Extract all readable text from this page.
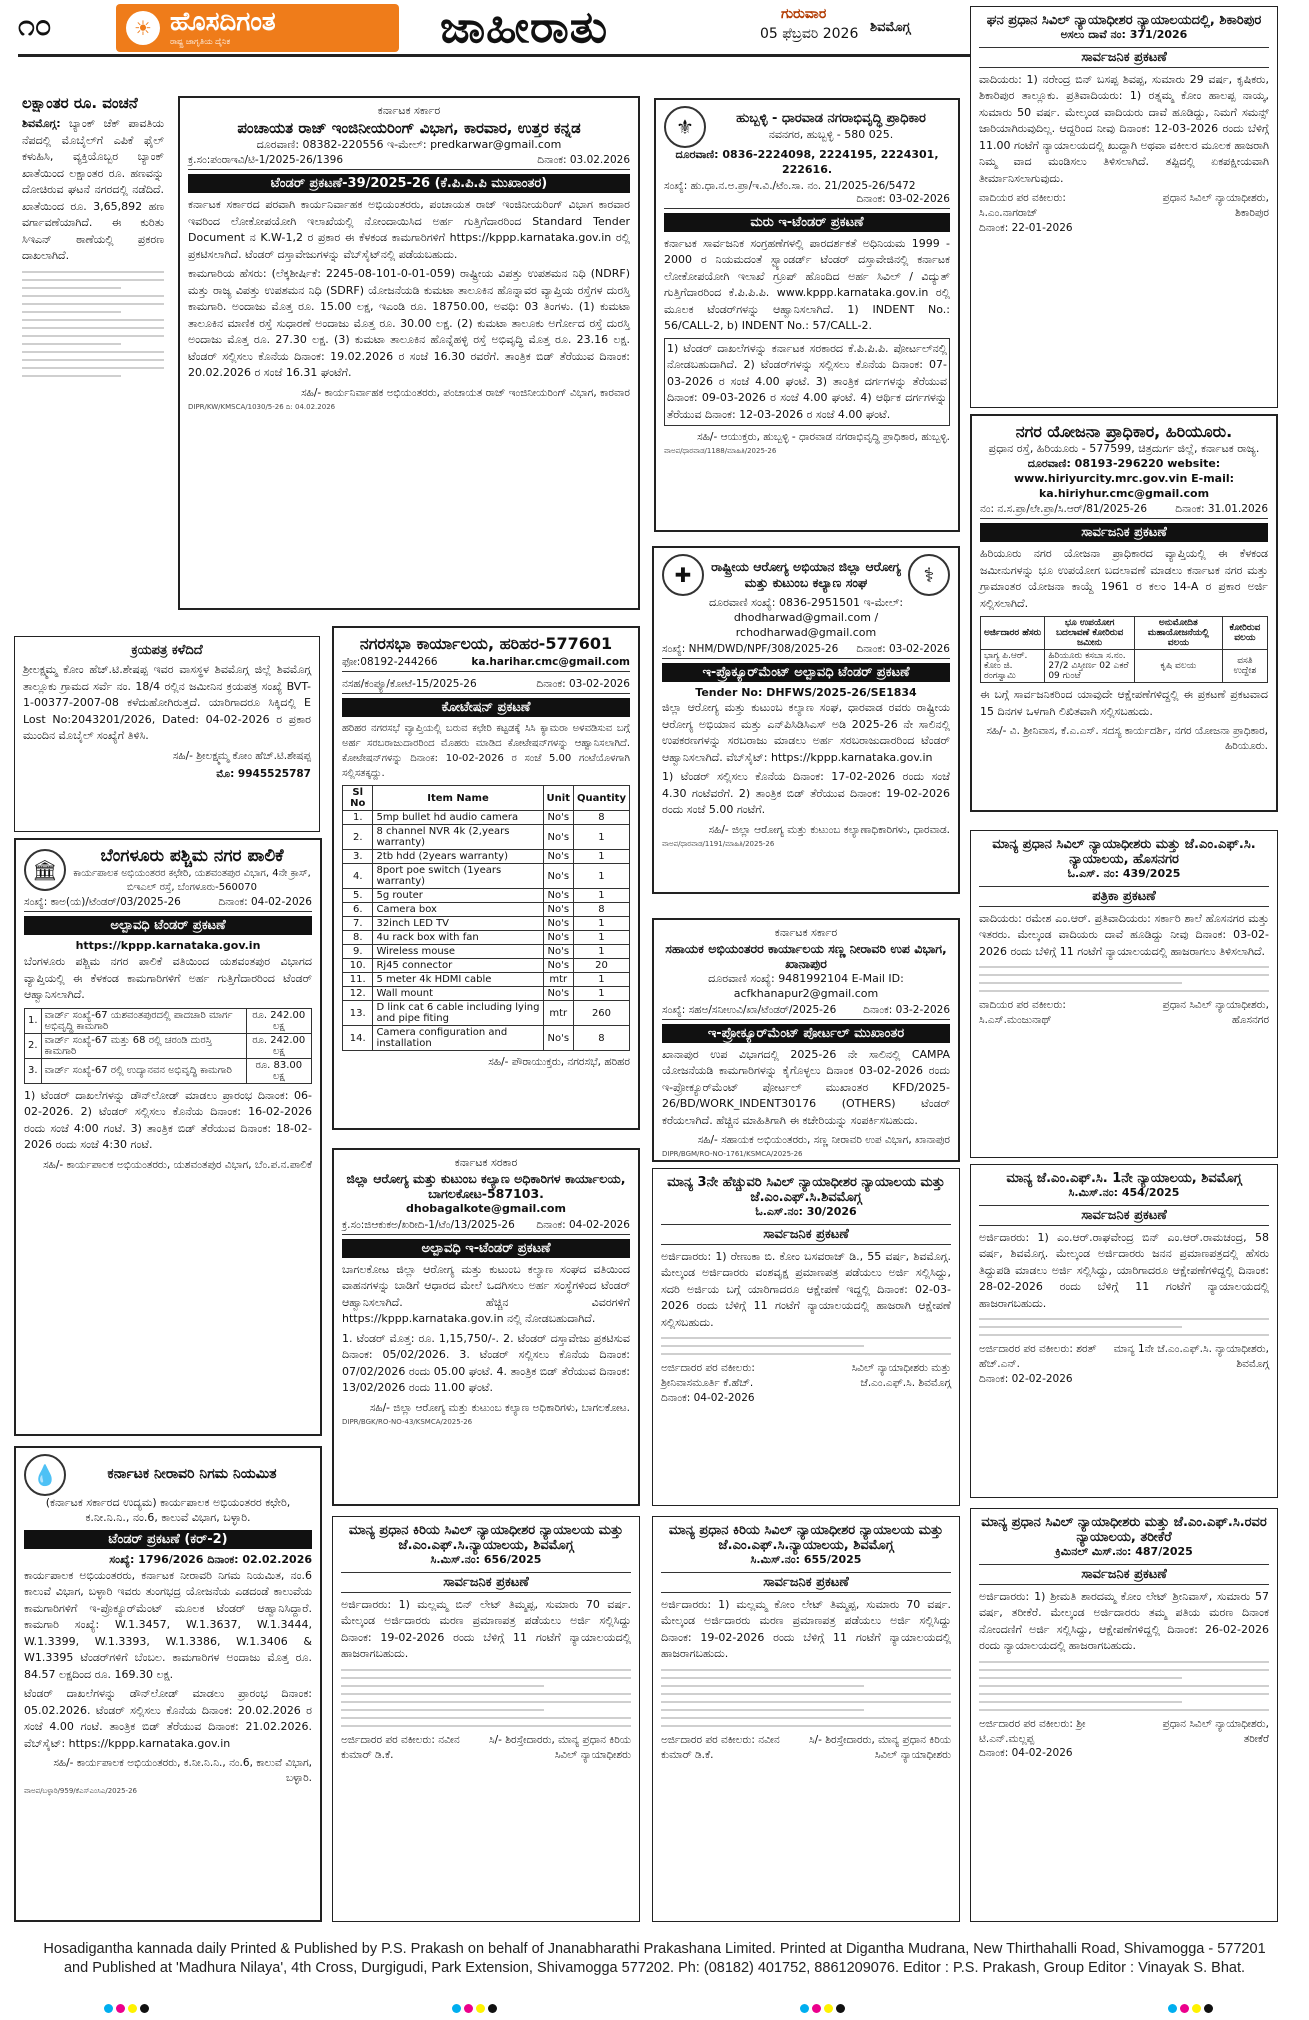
೧೦	☀ ಹೊಸದಿಗಂತ
ರಾಷ್ಟ್ರ ಜಾಗೃತಿಯ ದೈನಿಕ	ಜಾಹೀರಾತು	ಗುರುವಾರ
05 ಫೆಬ್ರವರಿ 2026 ಶಿವಮೊಗ್ಗ
ಲಕ್ಷಾಂತರ ರೂ. ವಂಚನೆ
ಶಿವಮೊಗ್ಗ: ಬ್ಯಾಂಕ್ ಚೆಕ್‌ ಪಾವತಿಯ ನೆಪದಲ್ಲಿ ಮೊಬೈಲ್‌ಗೆ ಎಪಿಕೆ ಫೈಲ್ ಕಳುಹಿಸಿ, ವ್ಯಕ್ತಿಯೊಬ್ಬರ ಬ್ಯಾಂಕ್ ಖಾತೆಯಿಂದ ಲಕ್ಷಾಂತರ ರೂ. ಹಣವನ್ನು ದೋಚಿರುವ ಘಟನೆ ನಗರದಲ್ಲಿ ನಡೆದಿದೆ. ಖಾತೆಯಿಂದ ರೂ. 3,65,892 ಹಣ ವರ್ಗಾವಣೆಯಾಗಿದೆ. ಈ ಕುರಿತು ಸಿಇಎನ್ ಠಾಣೆಯಲ್ಲಿ ಪ್ರಕರಣ ದಾಖಲಾಗಿದೆ.
ಕರ್ನಾಟಕ ಸರ್ಕಾರ
ಪಂಚಾಯತ ರಾಜ್ ಇಂಜಿನೀಯರಿಂಗ್ ವಿಭಾಗ, ಕಾರವಾರ, ಉತ್ತರ ಕನ್ನಡ
ದೂರವಾಣಿ: 08382-220556 ಇ-ಮೇಲ್: predkarwar@gmail.com
ಕ್ರ.ಸಂ:ಪಂರಾಇವಿ/ಟಿ-1/2025-26/1396	ದಿನಾಂಕ: 03.02.2026
ಟೆಂಡರ್ ಪ್ರಕಟಣೆ-39/2025-26 (ಕೆ.ಪಿ.ಪಿ.ಪಿ ಮುಖಾಂತರ)

ಕರ್ನಾಟಕ ಸರ್ಕಾರದ ಪರವಾಗಿ ಕಾರ್ಯನಿರ್ವಾಹಕ ಅಭಿಯಂತರರು, ಪಂಚಾಯತ ರಾಜ್ ಇಂಜಿನೀಯರಿಂಗ್ ವಿಭಾಗ ಕಾರವಾರ ಇವರಿಂದ ಲೋಕೋಪಯೋಗಿ ಇಲಾಖೆಯಲ್ಲಿ ನೋಂದಾಯಿಸಿದ ಅರ್ಹ ಗುತ್ತಿಗೆದಾರರಿಂದ Standard Tender Document ನ K.W-1,2 ರ ಪ್ರಕಾರ ಈ ಕೆಳಕಂಡ ಕಾಮಗಾರಿಗಳಿಗೆ https://kppp.karnataka.gov.in ರಲ್ಲಿ ಪ್ರಕಟಿಸಲಾಗಿದೆ. ಟೆಂಡರ್ ದಸ್ತಾವೇಜುಗಳನ್ನು ವೆಬ್‌ಸೈಟ್‌ನಲ್ಲಿ ಪಡೆಯಬಹುದು.

ಕಾಮಗಾರಿಯ ಹೆಸರು: (ಲೆಕ್ಕಶೀರ್ಷಿಕೆ: 2245-08-101-0-01-059) ರಾಷ್ಟ್ರೀಯ ವಿಪತ್ತು ಉಪಶಮನ ನಿಧಿ (NDRF) ಮತ್ತು ರಾಜ್ಯ ವಿಪತ್ತು ಉಪಶಮನ ನಿಧಿ (SDRF) ಯೋಜನೆಯಡಿ ಕುಮಟಾ ತಾಲೂಕಿನ ಹೊನ್ನಾವರ ವ್ಯಾಪ್ತಿಯ ರಸ್ತೆಗಳ ದುರಸ್ತಿ ಕಾಮಗಾರಿ. ಅಂದಾಜು ಮೊತ್ತ ರೂ. 15.00 ಲಕ್ಷ, ಇಎಂಡಿ ರೂ. 18750.00, ಅವಧಿ: 03 ತಿಂಗಳು. (1) ಕುಮಟಾ ತಾಲೂಕಿನ ಮಾಣಿಕ ರಸ್ತೆ ಸುಧಾರಣೆ ಅಂದಾಜು ಮೊತ್ತ ರೂ. 30.00 ಲಕ್ಷ. (2) ಕುಮಟಾ ತಾಲೂಕು ಅರ್ಗೋದ ರಸ್ತೆ ದುರಸ್ತಿ ಅಂದಾಜು ಮೊತ್ತ ರೂ. 27.30 ಲಕ್ಷ. (3) ಕುಮಟಾ ತಾಲೂಕಿನ ಹೊನ್ನೆಹಳ್ಳಿ ರಸ್ತೆ ಅಭಿವೃದ್ಧಿ ಮೊತ್ತ ರೂ. 23.16 ಲಕ್ಷ. ಟೆಂಡರ್ ಸಲ್ಲಿಸಲು ಕೊನೆಯ ದಿನಾಂಕ: 19.02.2026 ರ ಸಂಜೆ 16.30 ರವರೆಗೆ. ತಾಂತ್ರಿಕ ಬಿಡ್ ತೆರೆಯುವ ದಿನಾಂಕ: 20.02.2026 ರ ಸಂಜೆ 16.31 ಘಂಟೆಗೆ.

ಸಹಿ/- ಕಾರ್ಯನಿರ್ವಾಹಕ ಅಭಿಯಂತರರು, ಪಂಚಾಯತ ರಾಜ್ ಇಂಜಿನೀಯರಿಂಗ್ ವಿಭಾಗ, ಕಾರವಾರ
DIPR/KW/KMSCA/1030/5-26 ದಿ: 04.02.2026
⚜	ಹುಬ್ಬಳ್ಳಿ - ಧಾರವಾಡ ನಗರಾಭಿವೃದ್ಧಿ ಪ್ರಾಧಿಕಾರ
ನವನಗರ, ಹುಬ್ಬಳ್ಳಿ - 580 025.
ದೂರವಾಣಿ: 0836-2224098, 2224195, 2224301, 222616.
ಸಂಖ್ಯೆ: ಹು.ಧಾ.ನ.ಅ.ಪ್ರಾ/ಇ.ವಿ./ಟೆಂ.ಸಾ. ನಂ. 21/2025-26/5472
ದಿನಾಂಕ: 03-02-2026
ಮರು ಇ-ಟೆಂಡರ್ ಪ್ರಕಟಣೆ

ಕರ್ನಾಟಕ ಸಾರ್ವಜನಿಕ ಸಂಗ್ರಹಣೆಗಳಲ್ಲಿ ಪಾರದರ್ಶಕತೆ ಅಧಿನಿಯಮ 1999 - 2000 ರ ನಿಯಮದಂತೆ ಸ್ಟ್ಯಾಂಡರ್ಡ್ ಟೆಂಡರ್ ದಸ್ತಾವೇಜಿನಲ್ಲಿ ಕರ್ನಾಟಕ ಲೋಕೋಪಯೋಗಿ ಇಲಾಖೆ ಗ್ರೂಪ್ ಹೊಂದಿದ ಅರ್ಹ ಸಿವಿಲ್ / ವಿದ್ಯುತ್ ಗುತ್ತಿಗೆದಾರರಿಂದ ಕೆ.ಪಿ.ಪಿ.ಪಿ. www.kppp.karnataka.gov.in ರಲ್ಲಿ ಮೂಲಕ ಟೆಂಡರ್‌ಗಳನ್ನು ಆಹ್ವಾನಿಸಲಾಗಿದೆ. 1) INDENT No.: 56/CALL-2, b) INDENT No.: 57/CALL-2.

1) ಟೆಂಡರ್ ದಾಖಲೆಗಳನ್ನು ಕರ್ನಾಟಕ ಸರಕಾರದ ಕೆ.ಪಿ.ಪಿ.ಪಿ. ಪೋರ್ಟಲ್‌ನಲ್ಲಿ ನೋಡಬಹುದಾಗಿದೆ. 2) ಟೆಂಡರ್‌ಗಳನ್ನು ಸಲ್ಲಿಸಲು ಕೊನೆಯ ದಿನಾಂಕ: 07-03-2026 ರ ಸಂಜೆ 4.00 ಘಂಟೆ. 3) ತಾಂತ್ರಿಕ ದರ್ಗಗಳನ್ನು ತೆರೆಯುವ ದಿನಾಂಕ: 09-03-2026 ರ ಸಂಜೆ 4.00 ಘಂಟೆ. 4) ಆರ್ಥಿಕ ದರ್ಗಗಳನ್ನು ತೆರೆಯುವ ದಿನಾಂಕ: 12-03-2026 ರ ಸಂಜೆ 4.00 ಘಂಟೆ.

ಸಹಿ/- ಆಯುಕ್ತರು, ಹುಬ್ಬಳ್ಳಿ - ಧಾರವಾಡ ನಗರಾಭಿವೃದ್ಧಿ ಪ್ರಾಧಿಕಾರ, ಹುಬ್ಬಳ್ಳಿ.
ವಾಅಪ/ಧಾರವಾಡ/1188/ಮಾಹಿತಿ/2025-26
ಘನ ಪ್ರಧಾನ ಸಿವಿಲ್ ನ್ಯಾಯಾಧೀಶರ ನ್ಯಾಯಾಲಯದಲ್ಲಿ, ಶಿಕಾರಿಪುರ
ಅಸಲು ದಾವೆ ನಂ: 371/2026
ಸಾರ್ವಜನಿಕ ಪ್ರಕಟಣೆ
ವಾದಿಯರು: 1) ನರೇಂದ್ರ ಬಿನ್ ಬಸಪ್ಪ ಶಿವಪ್ಪ, ಸುಮಾರು 29 ವರ್ಷ, ಕೃಷಿಕರು, ಶಿಕಾರಿಪುರ ತಾಲ್ಲೂಕು. ಪ್ರತಿವಾದಿಯರು: 1) ರತ್ನಮ್ಮ ಕೋಂ ಹಾಲಪ್ಪ ನಾಯ್ಕ, ಸುಮಾರು 50 ವರ್ಷ. ಮೇಲ್ಕಂಡ ವಾದಿಯರು ದಾವೆ ಹೂಡಿದ್ದು, ನಿಮಗೆ ಸಮನ್ಸ್ ಜಾರಿಯಾಗಿರುವುದಿಲ್ಲ. ಆದ್ದರಿಂದ ನೀವು ದಿನಾಂಕ: 12-03-2026 ರಂದು ಬೆಳಿಗ್ಗೆ 11.00 ಗಂಟೆಗೆ ನ್ಯಾಯಾಲಯದಲ್ಲಿ ಖುದ್ದಾಗಿ ಅಥವಾ ವಕೀಲರ ಮೂಲಕ ಹಾಜರಾಗಿ ನಿಮ್ಮ ವಾದ ಮಂಡಿಸಲು ತಿಳಿಸಲಾಗಿದೆ. ತಪ್ಪಿದಲ್ಲಿ ಏಕಪಕ್ಷೀಯವಾಗಿ ತೀರ್ಮಾನಿಸಲಾಗುವುದು.
ವಾದಿಯರ ಪರ ವಕೀಲರು: ಸಿ.ಎಂ.ನಾಗರಾಜ್
ದಿನಾಂಕ: 22-01-2026
ಪ್ರಧಾನ ಸಿವಿಲ್ ನ್ಯಾಯಾಧೀಶರು, ಶಿಕಾರಿಪುರ
ನಗರ ಯೋಜನಾ ಪ್ರಾಧಿಕಾರ, ಹಿರಿಯೂರು.
ಪ್ರಧಾನ ರಸ್ತೆ, ಹಿರಿಯೂರು - 577599, ಚಿತ್ರದುರ್ಗ ಜಿಲ್ಲೆ, ಕರ್ನಾಟಕ ರಾಜ್ಯ.
ದೂರವಾಣಿ: 08193-296220 website: www.hiriyurcity.mrc.gov.vin E-mail: ka.hiriyhur.cmc@gmail.com
ನಂ: ನ.ಸ.ಪ್ರಾ/ಲೇ.ಪ್ರಾ/ಸಿ.ಆರ್/81/2025-26	ದಿನಾಂಕ: 31.01.2026
ಸಾರ್ವಜನಿಕ ಪ್ರಕಟಣೆ
ಹಿರಿಯೂರು ನಗರ ಯೋಜನಾ ಪ್ರಾಧಿಕಾರದ ವ್ಯಾಪ್ತಿಯಲ್ಲಿ ಈ ಕೆಳಕಂಡ ಜಮೀನುಗಳನ್ನು ಭೂ ಉಪಯೋಗ ಬದಲಾವಣೆ ಮಾಡಲು ಕರ್ನಾಟಕ ನಗರ ಮತ್ತು ಗ್ರಾಮಾಂತರ ಯೋಜನಾ ಕಾಯ್ದೆ 1961 ರ ಕಲಂ 14-A ರ ಪ್ರಕಾರ ಅರ್ಜಿ ಸಲ್ಲಿಸಲಾಗಿದೆ.
ಅರ್ಜಿದಾರರ ಹೆಸರು	ಭೂ ಉಪಯೋಗ ಬದಲಾವಣೆ ಕೋರಿರುವ ಜಮೀನು	ಅನುಮೋದಿತ ಮಹಾಯೋಜನೆಯಲ್ಲಿ ವಲಯ	ಕೋರಿರುವ ವಲಯ
ಭಾಗ್ಯ ಪಿ.ಆರ್. ಕೋಂ ಜಿ. ರಂಗಸ್ವಾಮಿ	ಹಿರಿಯೂರು ಕಸಬಾ ಸ.ನಂ. 27/2 ವಿಸ್ತೀರ್ಣ 02 ಎಕರೆ 09 ಗುಂಟೆ	ಕೃಷಿ ವಲಯ	ವಸತಿ ಉದ್ದೇಶ
ಈ ಬಗ್ಗೆ ಸಾರ್ವಜನಿಕರಿಂದ ಯಾವುದೇ ಆಕ್ಷೇಪಣೆಗಳಿದ್ದಲ್ಲಿ ಈ ಪ್ರಕಟಣೆ ಪ್ರಕಟವಾದ 15 ದಿನಗಳ ಒಳಗಾಗಿ ಲಿಖಿತವಾಗಿ ಸಲ್ಲಿಸಬಹುದು.
ಸಹಿ/- ವಿ. ಶ್ರೀನಿವಾಸ, ಕೆ.ಎ.ಎಸ್. ಸದಸ್ಯ ಕಾರ್ಯದರ್ಶಿ, ನಗರ ಯೋಜನಾ ಪ್ರಾಧಿಕಾರ, ಹಿರಿಯೂರು.
ಕ್ರಯಪತ್ರ ಕಳೆದಿದೆ
ಶ್ರೀಲಕ್ಷ್ಮಮ್ಮ ಕೋಂ ಹೆಚ್.ಟಿ.ಶೇಷಪ್ಪ ಇವರ ವಾಸಸ್ಥಳ ಶಿವಮೊಗ್ಗ ಜಿಲ್ಲೆ ಶಿವಮೊಗ್ಗ ತಾಲ್ಲೂಕು ಗ್ರಾಮದ ಸರ್ವೆ ನಂ. 18/4 ರಲ್ಲಿನ ಜಮೀನಿನ ಕ್ರಯಪತ್ರ ಸಂಖ್ಯೆ BVT-1-00377-2007-08 ಕಳೆದುಹೋಗಿರುತ್ತದೆ. ಯಾರಿಗಾದರೂ ಸಿಕ್ಕಿದಲ್ಲಿ E Lost No:2043201/2026, Dated: 04-02-2026 ರ ಪ್ರಕಾರ ಮುಂದಿನ ಮೊಬೈಲ್ ಸಂಖ್ಯೆಗೆ ತಿಳಿಸಿ.
ಸಹಿ/- ಶ್ರೀಲಕ್ಷ್ಮಮ್ಮ ಕೋಂ ಹೆಚ್.ಟಿ.ಶೇಷಪ್ಪ
ಮೊ: 9945525787
ನಗರಸಭಾ ಕಾರ್ಯಾಲಯ, ಹರಿಹರ-577601
ಫೋ:08192-244266	ka.harihar.cmc@gmail.com
ನಸಹ/ಕಂಪ್ಯೂ/ಕೋಟೆ-15/2025-26	ದಿನಾಂಕ: 03-02-2026
ಕೋಟೇಷನ್ ಪ್ರಕಟಣೆ
ಹರಿಹರ ನಗರಸಭೆ ವ್ಯಾಪ್ತಿಯಲ್ಲಿ ಬರುವ ಕಛೇರಿ ಕಟ್ಟಡಕ್ಕೆ ಸಿಸಿ ಕ್ಯಾಮರಾ ಅಳವಡಿಸುವ ಬಗ್ಗೆ ಅರ್ಹ ಸರಬರಾಜುದಾರರಿಂದ ಮೊಹರು ಮಾಡಿದ ಕೋಟೇಷನ್‌ಗಳನ್ನು ಆಹ್ವಾನಿಸಲಾಗಿದೆ. ಕೋಟೇಷನ್‌ಗಳನ್ನು ದಿನಾಂಕ: 10-02-2026 ರ ಸಂಜೆ 5.00 ಗಂಟೆಯೊಳಗಾಗಿ ಸಲ್ಲಿಸತಕ್ಕದ್ದು.
Sl No	Item Name	Unit	Quantity
1.	5mp bullet hd audio camera	No's	8
2.	8 channel NVR 4k (2,years warranty)	No's	1
3.	2tb hdd (2years warranty)	No's	1
4.	8port poe switch (1years warranty)	No's	1
5.	5g router	No's	1
6.	Camera box	No's	8
7.	32inch LED TV	No's	1
8.	4u rack box with fan	No's	1
9.	Wireless mouse	No's	1
10.	Rj45 connector	No's	20
11.	5 meter 4k HDMI cable	mtr	1
12.	Wall mount	No's	1
13.	D link cat 6 cable including lying and pipe fiting	mtr	260
14.	Camera configuration and installation	No's	8
ಸಹಿ/- ಪೌರಾಯುಕ್ತರು, ನಗರಸಭೆ, ಹರಿಹರ
✚	ರಾಷ್ಟ್ರೀಯ ಆರೋಗ್ಯ ಅಭಿಯಾನ ಜಿಲ್ಲಾ ಆರೋಗ್ಯ ಮತ್ತು ಕುಟುಂಬ ಕಲ್ಯಾಣ ಸಂಘ	⚕
ದೂರವಾಣಿ ಸಂಖ್ಯೆ: 0836-2951501 ಇ-ಮೇಲ್: dhodharwad@gmail.com / rchodharwad@gmail.com
ಸಂಖ್ಯೆ: NHM/DWD/NPF/308/2025-26 ದಿನಾಂಕ: 03-02-2026
ಇ-ಪ್ರೊಕ್ಯೂರ್‌ಮೆಂಟ್ ಅಲ್ಪಾವಧಿ ಟೆಂಡರ್ ಪ್ರಕಟಣೆ
Tender No: DHFWS/2025-26/SE1834

ಜಿಲ್ಲಾ ಆರೋಗ್ಯ ಮತ್ತು ಕುಟುಂಬ ಕಲ್ಯಾಣ ಸಂಘ, ಧಾರವಾಡ ರವರು ರಾಷ್ಟ್ರೀಯ ಆರೋಗ್ಯ ಅಭಿಯಾನ ಮತ್ತು ಎನ್‌ಪಿಸಿಡಿಸಿಎಸ್ ಅಡಿ 2025-26 ನೇ ಸಾಲಿನಲ್ಲಿ ಉಪಕರಣಗಳನ್ನು ಸರಬರಾಜು ಮಾಡಲು ಅರ್ಹ ಸರಬರಾಜುದಾರರಿಂದ ಟೆಂಡರ್ ಆಹ್ವಾನಿಸಲಾಗಿದೆ. ವೆಬ್‌ಸೈಟ್: https://kppp.karnataka.gov.in

1) ಟೆಂಡರ್ ಸಲ್ಲಿಸಲು ಕೊನೆಯ ದಿನಾಂಕ: 17-02-2026 ರಂದು ಸಂಜೆ 4.30 ಗಂಟೆವರೆಗೆ. 2) ತಾಂತ್ರಿಕ ಬಿಡ್ ತೆರೆಯುವ ದಿನಾಂಕ: 19-02-2026 ರಂದು ಸಂಜೆ 5.00 ಗಂಟೆಗೆ.

ಸಹಿ/- ಜಿಲ್ಲಾ ಆರೋಗ್ಯ ಮತ್ತು ಕುಟುಂಬ ಕಲ್ಯಾಣಾಧಿಕಾರಿಗಳು, ಧಾರವಾಡ.
ವಾಅಪ/ಧಾರವಾಡ/1191/ಮಾಹಿತಿ/2025-26
🏛
ಬೆಂಗಳೂರು ಪಶ್ಚಿಮ ನಗರ ಪಾಲಿಕೆ
ಕಾರ್ಯಪಾಲಕ ಅಭಿಯಂತರರ ಕಛೇರಿ, ಯಶವಂತಪುರ ವಿಭಾಗ, 4ನೇ ಕ್ರಾಸ್, ಬಿಇಎಲ್ ರಸ್ತೆ, ಬೆಂಗಳೂರು-560070
ಸಂಖ್ಯೆ: ಕಾಅ(ಯ)/ಟೆಂಡರ್/03/2025-26	ದಿನಾಂಕ: 04-02-2026
ಅಲ್ಪಾವಧಿ ಟೆಂಡರ್ ಪ್ರಕಟಣೆ
https://kppp.karnataka.gov.in
ಬೆಂಗಳೂರು ಪಶ್ಚಿಮ ನಗರ ಪಾಲಿಕೆ ವತಿಯಿಂದ ಯಶವಂತಪುರ ವಿಭಾಗದ ವ್ಯಾಪ್ತಿಯಲ್ಲಿ ಈ ಕೆಳಕಂಡ ಕಾಮಗಾರಿಗಳಿಗೆ ಅರ್ಹ ಗುತ್ತಿಗೆದಾರರಿಂದ ಟೆಂಡರ್ ಆಹ್ವಾನಿಸಲಾಗಿದೆ.
1.	ವಾರ್ಡ್ ಸಂಖ್ಯೆ-67 ಯಶವಂತಪುರದಲ್ಲಿ ಪಾದಚಾರಿ ಮಾರ್ಗ ಅಭಿವೃದ್ಧಿ ಕಾಮಗಾರಿ	ರೂ. 242.00 ಲಕ್ಷ
2.	ವಾರ್ಡ್ ಸಂಖ್ಯೆ-67 ಮತ್ತು 68 ರಲ್ಲಿ ಚರಂಡಿ ದುರಸ್ತಿ ಕಾಮಗಾರಿ	ರೂ. 242.00 ಲಕ್ಷ
3.	ವಾರ್ಡ್ ಸಂಖ್ಯೆ-67 ರಲ್ಲಿ ಉದ್ಯಾನವನ ಅಭಿವೃದ್ಧಿ ಕಾಮಗಾರಿ	ರೂ. 83.00 ಲಕ್ಷ
1) ಟೆಂಡರ್ ದಾಖಲೆಗಳನ್ನು ಡೌನ್‌ಲೋಡ್ ಮಾಡಲು ಪ್ರಾರಂಭ ದಿನಾಂಕ: 06-02-2026. 2) ಟೆಂಡರ್ ಸಲ್ಲಿಸಲು ಕೊನೆಯ ದಿನಾಂಕ: 16-02-2026 ರಂದು ಸಂಜೆ 4:00 ಗಂಟೆ. 3) ತಾಂತ್ರಿಕ ಬಿಡ್ ತೆರೆಯುವ ದಿನಾಂಕ: 18-02-2026 ರಂದು ಸಂಜೆ 4:30 ಗಂಟೆ.
ಸಹಿ/- ಕಾರ್ಯಪಾಲಕ ಅಭಿಯಂತರರು, ಯಶವಂತಪುರ ವಿಭಾಗ, ಬೆಂ.ಪ.ನ.ಪಾಲಿಕೆ
ಕರ್ನಾಟಕ ಸರ್ಕಾರ
ಸಹಾಯಕ ಅಭಿಯಂತರರ ಕಾರ್ಯಾಲಯ ಸಣ್ಣ ನೀರಾವರಿ ಉಪ ವಿಭಾಗ, ಖಾನಾಪುರ
ದೂರವಾಣಿ ಸಂಖ್ಯೆ: 9481992104 E-Mail ID: acfkhanapur2@gmail.com
ಸಂಖ್ಯೆ: ಸಹಅ/ಸನೀಉವಿ/ಖಾ/ಟೆಂಡರ್/2025-26	ದಿನಾಂಕ: 03-2-2026
ಇ-ಪ್ರೋಕ್ಯೂರ್‌ಮೆಂಟ್ ಪೋರ್ಟಲ್ ಮುಖಾಂತರ
ಖಾನಾಪುರ ಉಪ ವಿಭಾಗದಲ್ಲಿ 2025-26 ನೇ ಸಾಲಿನಲ್ಲಿ CAMPA ಯೋಜನೆಯಡಿ ಕಾಮಗಾರಿಗಳನ್ನು ಕೈಗೊಳ್ಳಲು ದಿನಾಂಕ 03-02-2026 ರಂದು ಇ-ಪ್ರೋಕ್ಯೂರ್‌ಮೆಂಟ್ ಪೋರ್ಟಲ್ ಮುಖಾಂತರ KFD/2025-26/BD/WORK_INDENT30176 (OTHERS) ಟೆಂಡರ್ ಕರೆಯಲಾಗಿದೆ. ಹೆಚ್ಚಿನ ಮಾಹಿತಿಗಾಗಿ ಈ ಕಚೇರಿಯನ್ನು ಸಂಪರ್ಕಿಸಬಹುದು.
ಸಹಿ/- ಸಹಾಯಕ ಅಭಿಯಂತರರು, ಸಣ್ಣ ನೀರಾವರಿ ಉಪ ವಿಭಾಗ, ಖಾನಾಪುರ
DIPR/BGM/RO-NO-1761/KSMCA/2025-26
ಕರ್ನಾಟಕ ಸರಕಾರ
ಜಿಲ್ಲಾ ಆರೋಗ್ಯ ಮತ್ತು ಕುಟುಂಬ ಕಲ್ಯಾಣ ಅಧಿಕಾರಿಗಳ ಕಾರ್ಯಾಲಯ, ಬಾಗಲಕೋಟ-587103.
dhobagalkote@gmail.com
ಕ್ರ.ಸಂ:ಜಿಆಕುಕಅ/ಖರೀದಿ-1/ಟೆಂ/13/2025-26 ದಿನಾಂಕ: 04-02-2026
ಅಲ್ಪಾವಧಿ ಇ-ಟೆಂಡರ್ ಪ್ರಕಟಣೆ

ಬಾಗಲಕೋಟ ಜಿಲ್ಲಾ ಆರೋಗ್ಯ ಮತ್ತು ಕುಟುಂಬ ಕಲ್ಯಾಣ ಸಂಘದ ವತಿಯಿಂದ ವಾಹನಗಳನ್ನು ಬಾಡಿಗೆ ಆಧಾರದ ಮೇಲೆ ಒದಗಿಸಲು ಅರ್ಹ ಸಂಸ್ಥೆಗಳಿಂದ ಟೆಂಡರ್ ಆಹ್ವಾನಿಸಲಾಗಿದೆ. ಹೆಚ್ಚಿನ ವಿವರಗಳಿಗೆ https://kppp.karnataka.gov.in ನಲ್ಲಿ ನೋಡಬಹುದಾಗಿದೆ.

1. ಟೆಂಡರ್ ಮೊತ್ತ: ರೂ. 1,15,750/-. 2. ಟೆಂಡರ್ ದಸ್ತಾವೇಜು ಪ್ರಕಟಿಸುವ ದಿನಾಂಕ: 05/02/2026. 3. ಟೆಂಡರ್ ಸಲ್ಲಿಸಲು ಕೊನೆಯ ದಿನಾಂಕ: 07/02/2026 ರಂದು 05.00 ಘಂಟೆ. 4. ತಾಂತ್ರಿಕ ಬಿಡ್ ತೆರೆಯುವ ದಿನಾಂಕ: 13/02/2026 ರಂದು 11.00 ಘಂಟೆ.

ಸಹಿ/- ಜಿಲ್ಲಾ ಆರೋಗ್ಯ ಮತ್ತು ಕುಟುಂಬ ಕಲ್ಯಾಣ ಅಧಿಕಾರಿಗಳು, ಬಾಗಲಕೋಟ.
DIPR/BGK/RO-NO-43/KSMCA/2025-26
ಮಾನ್ಯ ಪ್ರಧಾನ ಸಿವಿಲ್ ನ್ಯಾಯಾಧೀಶರು ಮತ್ತು ಜೆ.ಎಂ.ಎಫ್.ಸಿ. ನ್ಯಾಯಾಲಯ, ಹೊಸನಗರ
ಓ.ಎಸ್. ನಂ: 439/2025
ಪತ್ರಿಕಾ ಪ್ರಕಟಣೆ
ವಾದಿಯರು: ರಮೇಶ ಎಂ.ಆರ್. ಪ್ರತಿವಾದಿಯರು: ಸರ್ಕಾರಿ ಶಾಲೆ ಹೊಸನಗರ ಮತ್ತು ಇತರರು. ಮೇಲ್ಕಂಡ ವಾದಿಯರು ದಾವೆ ಹೂಡಿದ್ದು ನೀವು ದಿನಾಂಕ: 03-02-2026 ರಂದು ಬೆಳಿಗ್ಗೆ 11 ಗಂಟೆಗೆ ನ್ಯಾಯಾಲಯದಲ್ಲಿ ಹಾಜರಾಗಲು ತಿಳಿಸಲಾಗಿದೆ.
ವಾದಿಯರ ಪರ ವಕೀಲರು: ಸಿ.ಎಸ್.ಮಂಜುನಾಥ್
ಪ್ರಧಾನ ಸಿವಿಲ್ ನ್ಯಾಯಾಧೀಶರು, ಹೊಸನಗರ
ಮಾನ್ಯ ಜೆ.ಎಂ.ಎಫ್.ಸಿ. 1ನೇ ನ್ಯಾಯಾಲಯ, ಶಿವಮೊಗ್ಗ
ಸಿ.ಮಿಸ್.ನಂ: 454/2025
ಸಾರ್ವಜನಿಕ ಪ್ರಕಟಣೆ
ಅರ್ಜಿದಾರರು: 1) ಎಂ.ಆರ್.ರಾಘವೇಂದ್ರ ಬಿನ್ ಎಂ.ಆರ್.ರಾಮಚಂದ್ರ, 58 ವರ್ಷ, ಶಿವಮೊಗ್ಗ. ಮೇಲ್ಕಂಡ ಅರ್ಜಿದಾರರು ಜನನ ಪ್ರಮಾಣಪತ್ರದಲ್ಲಿ ಹೆಸರು ತಿದ್ದುಪಡಿ ಮಾಡಲು ಅರ್ಜಿ ಸಲ್ಲಿಸಿದ್ದು, ಯಾರಿಗಾದರೂ ಆಕ್ಷೇಪಣೆಗಳಿದ್ದಲ್ಲಿ ದಿನಾಂಕ: 28-02-2026 ರಂದು ಬೆಳಿಗ್ಗೆ 11 ಗಂಟೆಗೆ ನ್ಯಾಯಾಲಯದಲ್ಲಿ ಹಾಜರಾಗಬಹುದು.
ಅರ್ಜಿದಾರರ ಪರ ವಕೀಲರು: ಶರತ್ ಹೆಚ್.ಎನ್.
ದಿನಾಂಕ: 02-02-2026
ಮಾನ್ಯ 1ನೇ ಜೆ.ಎಂ.ಎಫ್.ಸಿ. ನ್ಯಾಯಾಧೀಶರು, ಶಿವಮೊಗ್ಗ
ಮಾನ್ಯ 3ನೇ ಹೆಚ್ಚುವರಿ ಸಿವಿಲ್ ನ್ಯಾಯಾಧೀಶರ ನ್ಯಾಯಾಲಯ ಮತ್ತು ಜೆ.ಎಂ.ಎಫ್.ಸಿ.ಶಿವಮೊಗ್ಗ
ಓ.ಎಸ್.ನಂ: 30/2026
ಸಾರ್ವಜನಿಕ ಪ್ರಕಟಣೆ
ಅರ್ಜಿದಾರರು: 1) ರೇಣುಕಾ ಬಿ. ಕೋಂ ಬಸವರಾಜ್ ಡಿ., 55 ವರ್ಷ, ಶಿವಮೊಗ್ಗ. ಮೇಲ್ಕಂಡ ಅರ್ಜಿದಾರರು ವಂಶವೃಕ್ಷ ಪ್ರಮಾಣಪತ್ರ ಪಡೆಯಲು ಅರ್ಜಿ ಸಲ್ಲಿಸಿದ್ದು, ಸದರಿ ಅರ್ಜಿಯ ಬಗ್ಗೆ ಯಾರಿಗಾದರೂ ಆಕ್ಷೇಪಣೆ ಇದ್ದಲ್ಲಿ ದಿನಾಂಕ: 02-03-2026 ರಂದು ಬೆಳಿಗ್ಗೆ 11 ಗಂಟೆಗೆ ನ್ಯಾಯಾಲಯದಲ್ಲಿ ಹಾಜರಾಗಿ ಆಕ್ಷೇಪಣೆ ಸಲ್ಲಿಸಬಹುದು.
ಅರ್ಜಿದಾರರ ಪರ ವಕೀಲರು: ಶ್ರೀನಿವಾಸಮೂರ್ತಿ ಕೆ.ಹೆಚ್.
ದಿನಾಂಕ: 04-02-2026
ಸಿವಿಲ್ ನ್ಯಾಯಾಧೀಶರು ಮತ್ತು ಜೆ.ಎಂ.ಎಫ್.ಸಿ. ಶಿವಮೊಗ್ಗ
💧	ಕರ್ನಾಟಕ ನೀರಾವರಿ ನಿಗಮ ನಿಯಮಿತ
(ಕರ್ನಾಟಕ ಸರ್ಕಾರದ ಉದ್ಯಮ) ಕಾರ್ಯಪಾಲಕ ಅಭಿಯಂತರರ ಕಛೇರಿ, ಕ.ನೀ.ನಿ.ನಿ., ನಂ.6, ಕಾಲುವೆ ವಿಭಾಗ, ಬಳ್ಳಾರಿ.
ಟೆಂಡರ್ ಪ್ರಕಟಣೆ (ಕರ್-2)
ಸಂಖ್ಯೆ: 1796/2026 ದಿನಾಂಕ: 02.02.2026

ಕಾರ್ಯಪಾಲಕ ಅಭಿಯಂತರರು, ಕರ್ನಾಟಕ ನೀರಾವರಿ ನಿಗಮ ನಿಯಮಿತ, ನಂ.6 ಕಾಲುವೆ ವಿಭಾಗ, ಬಳ್ಳಾರಿ ಇವರು ತುಂಗಭದ್ರ ಯೋಜನೆಯ ಎಡದಂಡೆ ಕಾಲುವೆಯ ಕಾಮಗಾರಿಗಳಿಗೆ ಇ-ಪ್ರೊಕ್ಯೂರ್‌ಮೆಂಟ್ ಮೂಲಕ ಟೆಂಡರ್ ಆಹ್ವಾನಿಸಿದ್ದಾರೆ. ಕಾಮಗಾರಿ ಸಂಖ್ಯೆ: W.1.3457, W.1.3637, W.1.3444, W.1.3399, W.1.3393, W.1.3386, W.1.3406 & W1.3395 ಟೆಂಡರ್‌ಗಳಿಗೆ ಬೆಂಬಲ. ಕಾಮಗಾರಿಗಳ ಅಂದಾಜು ಮೊತ್ತ ರೂ. 84.57 ಲಕ್ಷದಿಂದ ರೂ. 169.30 ಲಕ್ಷ.

ಟೆಂಡರ್ ದಾಖಲೆಗಳನ್ನು ಡೌನ್‌ಲೋಡ್ ಮಾಡಲು ಪ್ರಾರಂಭ ದಿನಾಂಕ: 05.02.2026. ಟೆಂಡರ್ ಸಲ್ಲಿಸಲು ಕೊನೆಯ ದಿನಾಂಕ: 20.02.2026 ರ ಸಂಜೆ 4.00 ಗಂಟೆ. ತಾಂತ್ರಿಕ ಬಿಡ್ ತೆರೆಯುವ ದಿನಾಂಕ: 21.02.2026. ವೆಬ್‌ಸೈಟ್: https://kppp.karnataka.gov.in

ಸಹಿ/- ಕಾರ್ಯಪಾಲಕ ಅಭಿಯಂತರರು, ಕ.ನೀ.ನಿ.ನಿ., ನಂ.6, ಕಾಲುವೆ ವಿಭಾಗ, ಬಳ್ಳಾರಿ.
ವಾಅಪ/ಬಳ್ಳಾರಿ/959/ಕೆಎಸ್‌ಎಂಸಿಎ/2025-26
ಮಾನ್ಯ ಪ್ರಧಾನ ಕಿರಿಯ ಸಿವಿಲ್ ನ್ಯಾಯಾಧೀಶರ ನ್ಯಾಯಾಲಯ ಮತ್ತು ಜೆ.ಎಂ.ಎಫ್.ಸಿ.ನ್ಯಾಯಾಲಯ, ಶಿವಮೊಗ್ಗ
ಸಿ.ಮಿಸ್.ನಂ: 656/2025
ಸಾರ್ವಜನಿಕ ಪ್ರಕಟಣೆ
ಅರ್ಜಿದಾರರು: 1) ಮಲ್ಲಮ್ಮ ಬಿನ್ ಲೇಟ್ ತಿಮ್ಮಪ್ಪ, ಸುಮಾರು 70 ವರ್ಷ. ಮೇಲ್ಕಂಡ ಅರ್ಜಿದಾರರು ಮರಣ ಪ್ರಮಾಣಪತ್ರ ಪಡೆಯಲು ಅರ್ಜಿ ಸಲ್ಲಿಸಿದ್ದು ದಿನಾಂಕ: 19-02-2026 ರಂದು ಬೆಳಿಗ್ಗೆ 11 ಗಂಟೆಗೆ ನ್ಯಾಯಾಲಯದಲ್ಲಿ ಹಾಜರಾಗಬಹುದು.
ಅರ್ಜಿದಾರರ ಪರ ವಕೀಲರು: ನವೀನ ಕುಮಾರ್ ಡಿ.ಕೆ.
ಸಿ/- ಶಿರಸ್ತೇದಾರರು, ಮಾನ್ಯ ಪ್ರಧಾನ ಕಿರಿಯ ಸಿವಿಲ್ ನ್ಯಾಯಾಧೀಶರು
ಮಾನ್ಯ ಪ್ರಧಾನ ಕಿರಿಯ ಸಿವಿಲ್ ನ್ಯಾಯಾಧೀಶರ ನ್ಯಾಯಾಲಯ ಮತ್ತು ಜೆ.ಎಂ.ಎಫ್.ಸಿ.ನ್ಯಾಯಾಲಯ, ಶಿವಮೊಗ್ಗ
ಸಿ.ಮಿಸ್.ನಂ: 655/2025
ಸಾರ್ವಜನಿಕ ಪ್ರಕಟಣೆ
ಅರ್ಜಿದಾರರು: 1) ಮಲ್ಲಮ್ಮ ಕೋಂ ಲೇಟ್ ತಿಮ್ಮಪ್ಪ, ಸುಮಾರು 70 ವರ್ಷ. ಮೇಲ್ಕಂಡ ಅರ್ಜಿದಾರರು ಮರಣ ಪ್ರಮಾಣಪತ್ರ ಪಡೆಯಲು ಅರ್ಜಿ ಸಲ್ಲಿಸಿದ್ದು ದಿನಾಂಕ: 19-02-2026 ರಂದು ಬೆಳಿಗ್ಗೆ 11 ಗಂಟೆಗೆ ನ್ಯಾಯಾಲಯದಲ್ಲಿ ಹಾಜರಾಗಬಹುದು.
ಅರ್ಜಿದಾರರ ಪರ ವಕೀಲರು: ನವೀನ ಕುಮಾರ್ ಡಿ.ಕೆ.
ಸಿ/- ಶಿರಸ್ತೇದಾರರು, ಮಾನ್ಯ ಪ್ರಧಾನ ಕಿರಿಯ ಸಿವಿಲ್ ನ್ಯಾಯಾಧೀಶರು
ಮಾನ್ಯ ಪ್ರಧಾನ ಸಿವಿಲ್ ನ್ಯಾಯಾಧೀಶರು ಮತ್ತು ಜೆ.ಎಂ.ಎಫ್.ಸಿ.ರವರ ನ್ಯಾಯಾಲಯ, ತರೀಕೆರೆ
ಕ್ರಿಮಿನಲ್ ಮಿಸ್.ನಂ: 487/2025
ಸಾರ್ವಜನಿಕ ಪ್ರಕಟಣೆ
ಅರ್ಜಿದಾರರು: 1) ಶ್ರೀಮತಿ ಶಾರದಮ್ಮ ಕೋಂ ಲೇಟ್ ಶ್ರೀನಿವಾಸ್, ಸುಮಾರು 57 ವರ್ಷ, ತರೀಕೆರೆ. ಮೇಲ್ಕಂಡ ಅರ್ಜಿದಾರರು ತಮ್ಮ ಪತಿಯ ಮರಣ ದಿನಾಂಕ ನೋಂದಣಿಗೆ ಅರ್ಜಿ ಸಲ್ಲಿಸಿದ್ದು, ಆಕ್ಷೇಪಣೆಗಳಿದ್ದಲ್ಲಿ ದಿನಾಂಕ: 26-02-2026 ರಂದು ನ್ಯಾಯಾಲಯದಲ್ಲಿ ಹಾಜರಾಗಬಹುದು.
ಅರ್ಜಿದಾರರ ಪರ ವಕೀಲರು: ಶ್ರೀ ಟಿ.ಎನ್.ಮಲ್ಲಪ್ಪ
ದಿನಾಂಕ: 04-02-2026
ಪ್ರಧಾನ ಸಿವಿಲ್ ನ್ಯಾಯಾಧೀಶರು, ತರೀಕೆರೆ
Hosadigantha kannada daily Printed & Published by P.S. Prakash on behalf of Jnanabharathi Prakashana Limited. Printed at Digantha Mudrana, New Thirthahalli Road, Shivamogga - 577201
and Published at 'Madhura Nilaya', 4th Cross, Durgigudi, Park Extension, Shivamogga 577202. Ph: (08182) 401752, 8861209076. Editor : P.S. Prakash, Group Editor : Vinayak S. Bhat.
